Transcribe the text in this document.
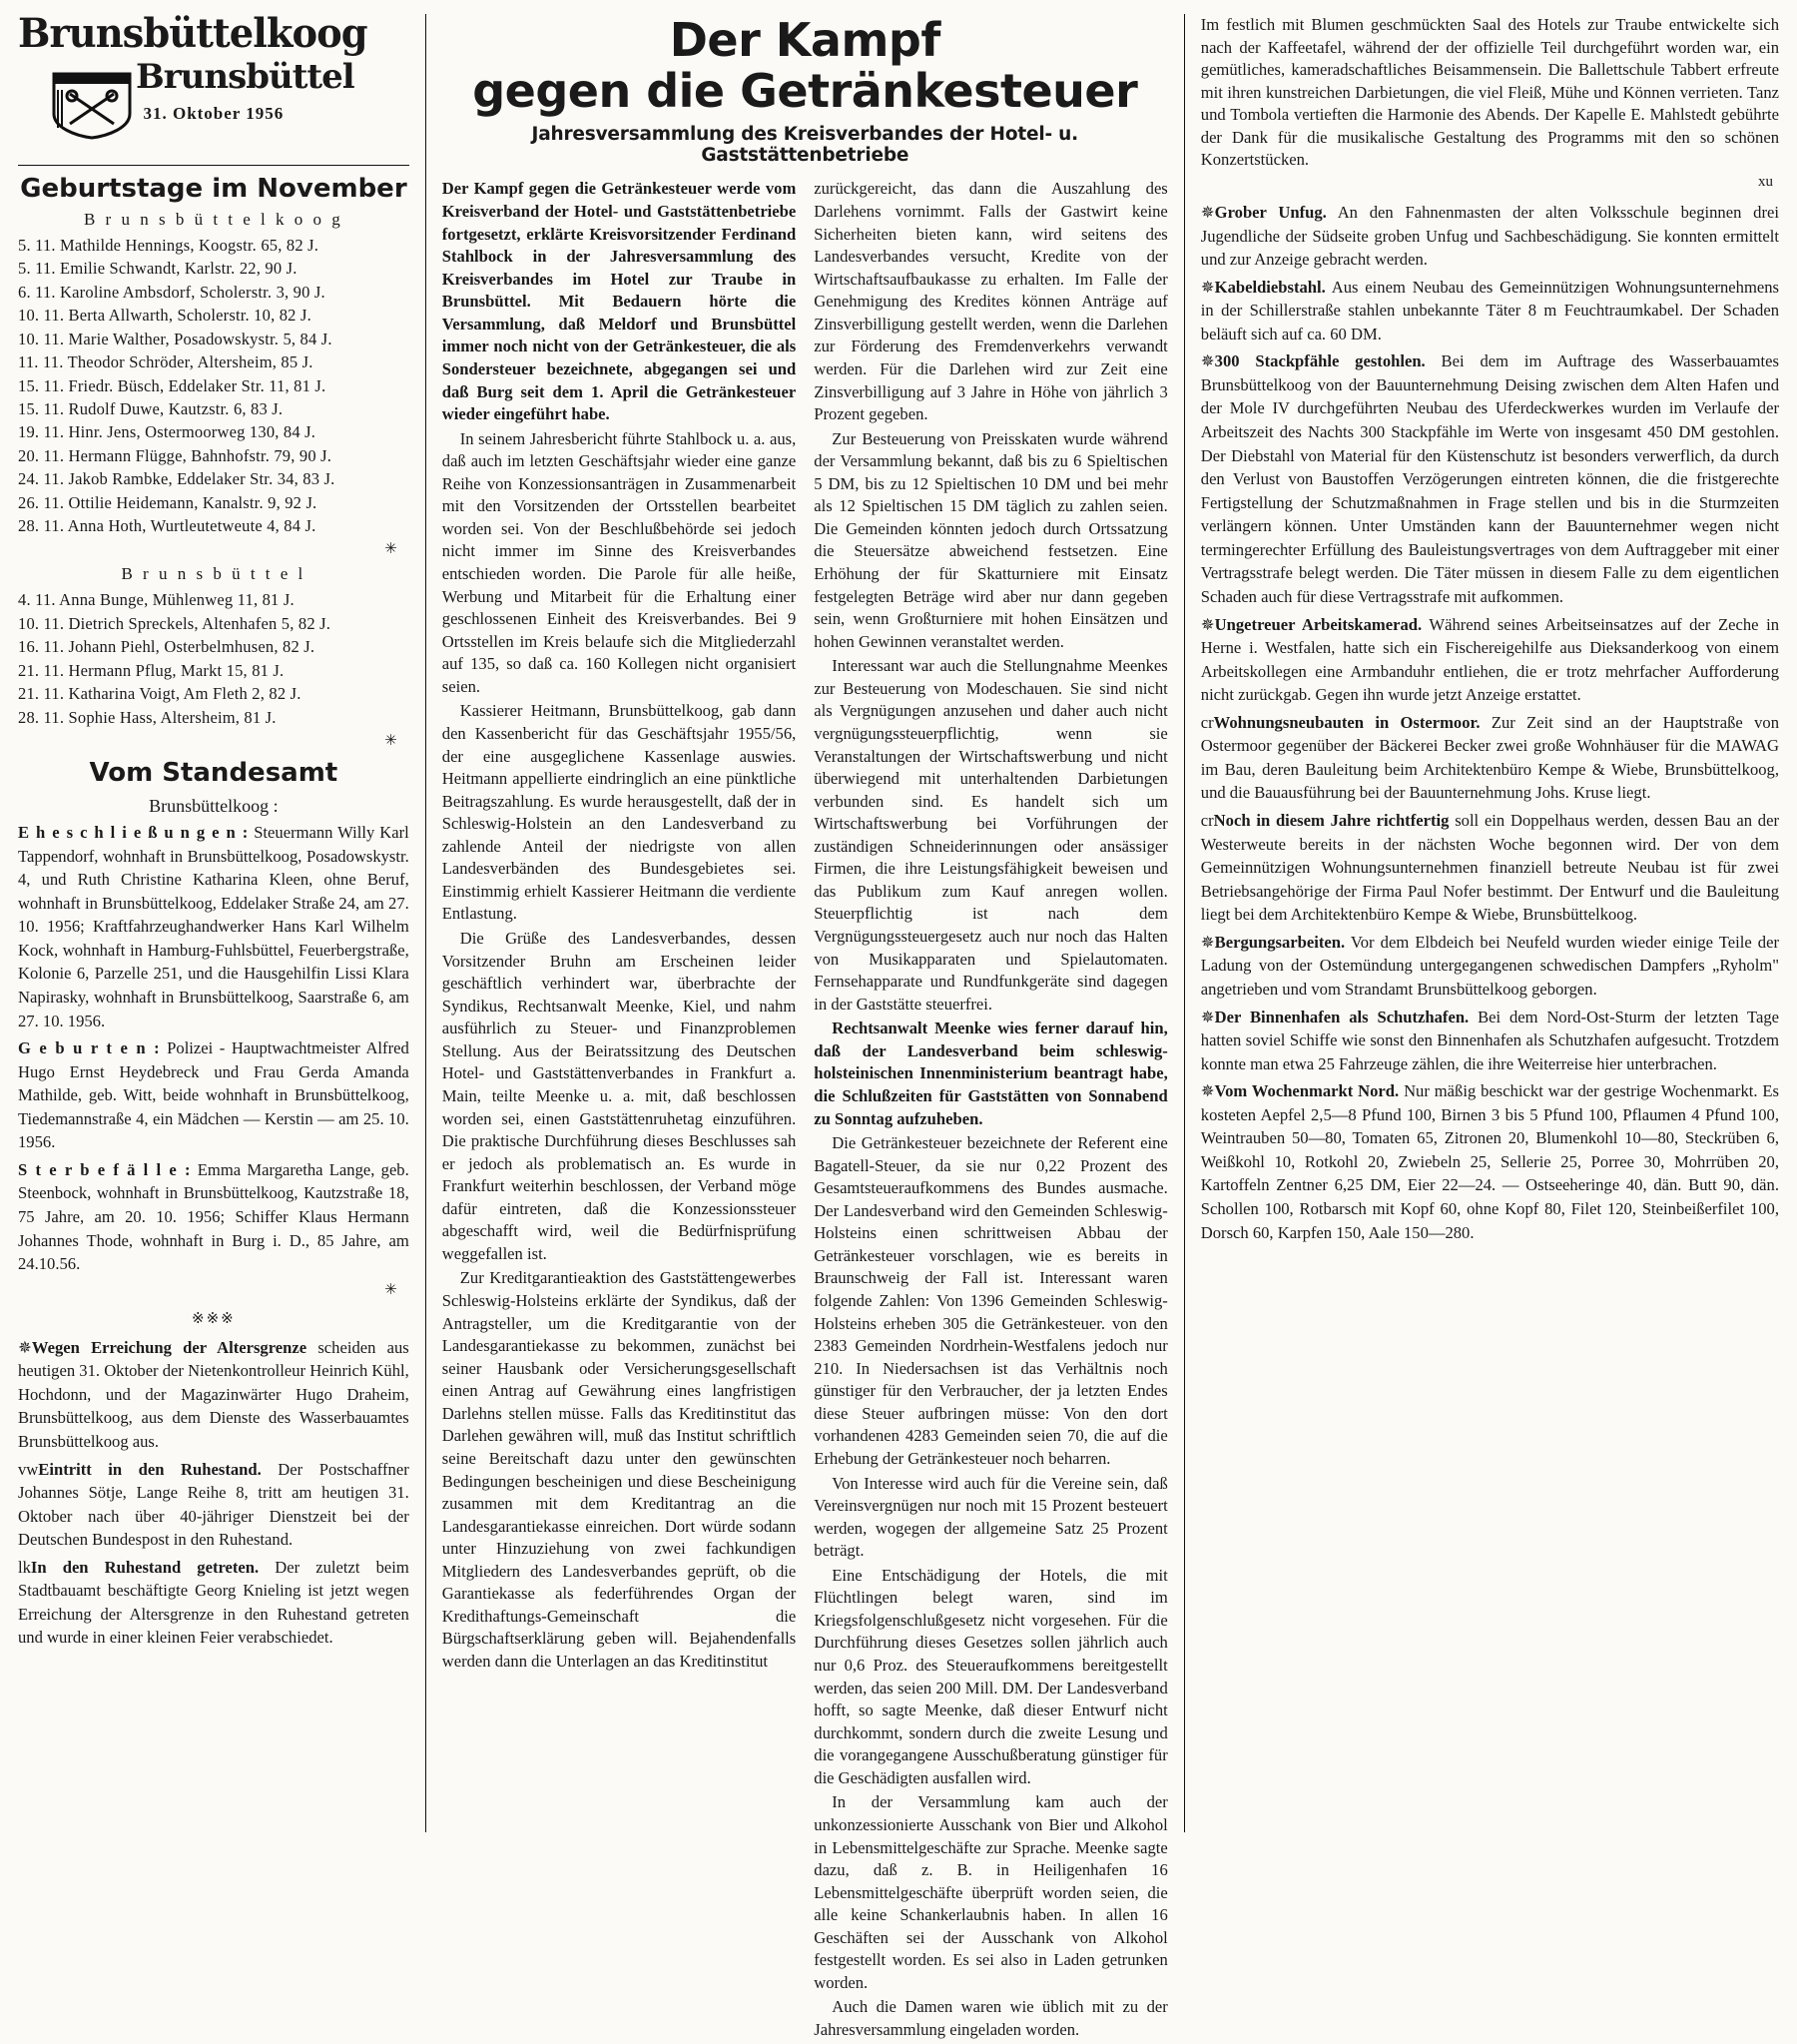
Brunsbüttelkoog
Brunsbüttel
31. Oktober 1956
Geburtstage im November
B r u n s b ü t t e l k o o g
5. 11. Mathilde Hennings, Koogstr. 65, 82 J.
5. 11. Emilie Schwandt, Karlstr. 22, 90 J.
6. 11. Karoline Ambsdorf, Scholerstr. 3, 90 J.
10. 11. Berta Allwarth, Scholerstr. 10, 82 J.
10. 11. Marie Walther, Posadowskystr. 5, 84 J.
11. 11. Theodor Schröder, Altersheim, 85 J.
15. 11. Friedr. Büsch, Eddelaker Str. 11, 81 J.
15. 11. Rudolf Duwe, Kautzstr. 6, 83 J.
19. 11. Hinr. Jens, Ostermoorweg 130, 84 J.
20. 11. Hermann Flügge, Bahnhofstr. 79, 90 J.
24. 11. Jakob Rambke, Eddelaker Str. 34, 83 J.
26. 11. Ottilie Heidemann, Kanalstr. 9, 92 J.
28. 11. Anna Hoth, Wurtleutetweute 4, 84 J.
✳
B r u n s b ü t t e l
4. 11. Anna Bunge, Mühlenweg 11, 81 J.
10. 11. Dietrich Spreckels, Altenhafen 5, 82 J.
16. 11. Johann Piehl, Osterbelmhusen, 82 J.
21. 11. Hermann Pflug, Markt 15, 81 J.
21. 11. Katharina Voigt, Am Fleth 2, 82 J.
28. 11. Sophie Hass, Altersheim, 81 J.
✳
Vom Standesamt
Brunsbüttelkoog :

E h e s c h l i e ß u n g e n : Steuermann Willy Karl Tappendorf, wohnhaft in Brunsbüttelkoog, Posadowskystr. 4, und Ruth Christine Katharina Kleen, ohne Beruf, wohnhaft in Brunsbüttelkoog, Eddelaker Straße 24, am 27. 10. 1956; Kraftfahrzeughandwerker Hans Karl Wilhelm Kock, wohnhaft in Hamburg-Fuhlsbüttel, Feuerbergstraße, Kolonie 6, Parzelle 251, und die Hausgehilfin Lissi Klara Napirasky, wohnhaft in Brunsbüttelkoog, Saarstraße 6, am 27. 10. 1956.

G e b u r t e n : Polizei - Hauptwachtmeister Alfred Hugo Ernst Heydebreck und Frau Gerda Amanda Mathilde, geb. Witt, beide wohnhaft in Brunsbüttelkoog, Tiedemannstraße 4, ein Mädchen — Kerstin — am 25. 10. 1956.

S t e r b e f ä l l e : Emma Margaretha Lange, geb. Steenbock, wohnhaft in Brunsbüttelkoog, Kautzstraße 18, 75 Jahre, am 20. 10. 1956; Schiffer Klaus Hermann Johannes Thode, wohnhaft in Burg i. D., 85 Jahre, am 24.10.56.

✳
※※※

✵Wegen Erreichung der Altersgrenze scheiden aus heutigen 31. Oktober der Nietenkontrolleur Heinrich Kühl, Hochdonn, und der Magazinwärter Hugo Draheim, Brunsbüttelkoog, aus dem Dienste des Wasserbauamtes Brunsbüttelkoog aus.

vwEintritt in den Ruhestand. Der Postschaffner Johannes Sötje, Lange Reihe 8, tritt am heutigen 31. Oktober nach über 40-jähriger Dienstzeit bei der Deutschen Bundespost in den Ruhestand.

lkIn den Ruhestand getreten. Der zuletzt beim Stadtbauamt beschäftigte Georg Knieling ist jetzt wegen Erreichung der Altersgrenze in den Ruhestand getreten und wurde in einer kleinen Feier verabschiedet.

Der Kampf
gegen die Getränkesteuer
Jahresversammlung des Kreisverbandes der Hotel- u. Gaststättenbetriebe

Der Kampf gegen die Getränkesteuer werde vom Kreisverband der Hotel- und Gaststättenbetriebe fortgesetzt, erklärte Kreisvorsitzender Ferdinand Stahlbock in der Jahresversammlung des Kreisverbandes im Hotel zur Traube in Brunsbüttel. Mit Bedauern hörte die Versammlung, daß Meldorf und Brunsbüttel immer noch nicht von der Getränkesteuer, die als Sondersteuer bezeichnete, abgegangen sei und daß Burg seit dem 1. April die Getränkesteuer wieder eingeführt habe.

In seinem Jahresbericht führte Stahlbock u. a. aus, daß auch im letzten Geschäftsjahr wieder eine ganze Reihe von Konzessionsanträgen in Zusammenarbeit mit den Vorsitzenden der Ortsstellen bearbeitet worden sei. Von der Beschlußbehörde sei jedoch nicht immer im Sinne des Kreisverbandes entschieden worden. Die Parole für alle heiße, Werbung und Mitarbeit für die Erhaltung einer geschlossenen Einheit des Kreisverbandes. Bei 9 Ortsstellen im Kreis belaufe sich die Mitgliederzahl auf 135, so daß ca. 160 Kollegen nicht organisiert seien.

Kassierer Heitmann, Brunsbüttelkoog, gab dann den Kassenbericht für das Geschäftsjahr 1955/56, der eine ausgeglichene Kassenlage auswies. Heitmann appellierte eindringlich an eine pünktliche Beitragszahlung. Es wurde herausgestellt, daß der in Schleswig-Holstein an den Landesverband zu zahlende Anteil der niedrigste von allen Landesverbänden des Bundesgebietes sei. Einstimmig erhielt Kassierer Heitmann die verdiente Entlastung.

Die Grüße des Landesverbandes, dessen Vorsitzender Bruhn am Erscheinen leider geschäftlich verhindert war, überbrachte der Syndikus, Rechtsanwalt Meenke, Kiel, und nahm ausführlich zu Steuer- und Finanzproblemen Stellung. Aus der Beiratssitzung des Deutschen Hotel- und Gaststättenverbandes in Frankfurt a. Main, teilte Meenke u. a. mit, daß beschlossen worden sei, einen Gaststättenruhetag einzuführen. Die praktische Durchführung dieses Beschlusses sah er jedoch als problematisch an. Es wurde in Frankfurt weiterhin beschlossen, der Verband möge dafür eintreten, daß die Konzessionssteuer abgeschafft wird, weil die Bedürfnisprüfung weggefallen ist.

Zur Kreditgarantieaktion des Gaststättengewerbes Schleswig-Holsteins erklärte der Syndikus, daß der Antragsteller, um die Kreditgarantie von der Landesgarantiekasse zu bekommen, zunächst bei seiner Hausbank oder Versicherungsgesellschaft einen Antrag auf Gewährung eines langfristigen Darlehns stellen müsse. Falls das Kreditinstitut das Darlehen gewähren will, muß das Institut schriftlich seine Bereitschaft dazu unter den gewünschten Bedingungen bescheinigen und diese Bescheinigung zusammen mit dem Kreditantrag an die Landesgarantiekasse einreichen. Dort würde sodann unter Hinzuziehung von zwei fachkundigen Mitgliedern des Landesverbandes geprüft, ob die Garantiekasse als federführendes Organ der Kredithaftungs-Gemeinschaft die Bürgschaftserklärung geben will. Bejahendenfalls werden dann die Unterlagen an das Kreditinstitut

zurückgereicht, das dann die Auszahlung des Darlehens vornimmt. Falls der Gastwirt keine Sicherheiten bieten kann, wird seitens des Landesverbandes versucht, Kredite von der Wirtschaftsaufbaukasse zu erhalten. Im Falle der Genehmigung des Kredites können Anträge auf Zinsverbilligung gestellt werden, wenn die Darlehen zur Förderung des Fremdenverkehrs verwandt werden. Für die Darlehen wird zur Zeit eine Zinsverbilligung auf 3 Jahre in Höhe von jährlich 3 Prozent gegeben.

Zur Besteuerung von Preisskaten wurde während der Versammlung bekannt, daß bis zu 6 Spieltischen 5 DM, bis zu 12 Spieltischen 10 DM und bei mehr als 12 Spieltischen 15 DM täglich zu zahlen seien. Die Gemeinden könnten jedoch durch Ortssatzung die Steuersätze abweichend festsetzen. Eine Erhöhung der für Skatturniere mit Einsatz festgelegten Beträge wird aber nur dann gegeben sein, wenn Großturniere mit hohen Einsätzen und hohen Gewinnen veranstaltet werden.

Interessant war auch die Stellungnahme Meenkes zur Besteuerung von Modeschauen. Sie sind nicht als Vergnügungen anzusehen und daher auch nicht vergnügungssteuerpflichtig, wenn sie Veranstaltungen der Wirtschaftswerbung und nicht überwiegend mit unterhaltenden Darbietungen verbunden sind. Es handelt sich um Wirtschaftswerbung bei Vorführungen der zuständigen Schneiderinnungen oder ansässiger Firmen, die ihre Leistungsfähigkeit beweisen und das Publikum zum Kauf anregen wollen. Steuerpflichtig ist nach dem Vergnügungssteuergesetz auch nur noch das Halten von Musikapparaten und Spielautomaten. Fernsehapparate und Rundfunkgeräte sind dagegen in der Gaststätte steuerfrei.

Rechtsanwalt Meenke wies ferner darauf hin, daß der Landesverband beim schleswig-holsteinischen Innenministerium beantragt habe, die Schlußzeiten für Gaststätten von Sonnabend zu Sonntag aufzuheben.

Die Getränkesteuer bezeichnete der Referent eine Bagatell-Steuer, da sie nur 0,22 Prozent des Gesamtsteueraufkommens des Bundes ausmache. Der Landesverband wird den Gemeinden Schleswig-Holsteins einen schrittweisen Abbau der Getränkesteuer vorschlagen, wie es bereits in Braunschweig der Fall ist. Interessant waren folgende Zahlen: Von 1396 Gemeinden Schleswig-Holsteins erheben 305 die Getränkesteuer. von den 2383 Gemeinden Nordrhein-Westfalens jedoch nur 210. In Niedersachsen ist das Verhältnis noch günstiger für den Verbraucher, der ja letzten Endes diese Steuer aufbringen müsse: Von den dort vorhandenen 4283 Gemeinden seien 70, die auf die Erhebung der Getränkesteuer noch beharren.

Von Interesse wird auch für die Vereine sein, daß Vereinsvergnügen nur noch mit 15 Prozent besteuert werden, wogegen der allgemeine Satz 25 Prozent beträgt.

Eine Entschädigung der Hotels, die mit Flüchtlingen belegt waren, sind im Kriegsfolgenschlußgesetz nicht vorgesehen. Für die Durchführung dieses Gesetzes sollen jährlich auch nur 0,6 Proz. des Steueraufkommens bereitgestellt werden, das seien 200 Mill. DM. Der Landesverband hofft, so sagte Meenke, daß dieser Entwurf nicht durchkommt, sondern durch die zweite Lesung und die vorangegangene Ausschußberatung günstiger für die Geschädigten ausfallen wird.

In der Versammlung kam auch der unkonzessionierte Ausschank von Bier und Alkohol in Lebensmittelgeschäfte zur Sprache. Meenke sagte dazu, daß z. B. in Heiligenhafen 16 Lebensmittelgeschäfte überprüft worden seien, die alle keine Schankerlaubnis haben. In allen 16 Geschäften sei der Ausschank von Alkohol festgestellt worden. Es sei also in Laden getrunken worden.

Auch die Damen waren wie üblich mit zu der Jahresversammlung eingeladen worden.

Im festlich mit Blumen geschmückten Saal des Hotels zur Traube entwickelte sich nach der Kaffeetafel, während der der offizielle Teil durchgeführt worden war, ein gemütliches, kameradschaftliches Beisammensein. Die Ballettschule Tabbert erfreute mit ihren kunstreichen Darbietungen, die viel Fleiß, Mühe und Können verrieten. Tanz und Tombola vertieften die Harmonie des Abends. Der Kapelle E. Mahlstedt gebührte der Dank für die musikalische Gestaltung des Programms mit den so schönen Konzertstücken.

xu

✵Grober Unfug. An den Fahnenmasten der alten Volksschule beginnen drei Jugendliche der Südseite groben Unfug und Sachbeschädigung. Sie konnten ermittelt und zur Anzeige gebracht werden.

✵Kabeldiebstahl. Aus einem Neubau des Gemeinnützigen Wohnungsunternehmens in der Schillerstraße stahlen unbekannte Täter 8 m Feuchtraumkabel. Der Schaden beläuft sich auf ca. 60 DM.

✵300 Stackpfähle gestohlen. Bei dem im Auftrage des Wasserbauamtes Brunsbüttelkoog von der Bauunternehmung Deising zwischen dem Alten Hafen und der Mole IV durchgeführten Neubau des Uferdeckwerkes wurden im Verlaufe der Arbeitszeit des Nachts 300 Stackpfähle im Werte von insgesamt 450 DM gestohlen. Der Diebstahl von Material für den Küstenschutz ist besonders verwerflich, da durch den Verlust von Baustoffen Verzögerungen eintreten können, die die fristgerechte Fertigstellung der Schutzmaßnahmen in Frage stellen und bis in die Sturmzeiten verlängern können. Unter Umständen kann der Bauunternehmer wegen nicht termingerechter Erfüllung des Bauleistungsvertrages von dem Auftraggeber mit einer Vertragsstrafe belegt werden. Die Täter müssen in diesem Falle zu dem eigentlichen Schaden auch für diese Vertragsstrafe mit aufkommen.

✵Ungetreuer Arbeitskamerad. Während seines Arbeitseinsatzes auf der Zeche in Herne i. Westfalen, hatte sich ein Fischereigehilfe aus Dieksanderkoog von einem Arbeitskollegen eine Armbanduhr entliehen, die er trotz mehrfacher Aufforderung nicht zurückgab. Gegen ihn wurde jetzt Anzeige erstattet.

crWohnungsneubauten in Ostermoor. Zur Zeit sind an der Hauptstraße von Ostermoor gegenüber der Bäckerei Becker zwei große Wohnhäuser für die MAWAG im Bau, deren Bauleitung beim Architektenbüro Kempe & Wiebe, Brunsbüttelkoog, und die Bauausführung bei der Bauunternehmung Johs. Kruse liegt.

crNoch in diesem Jahre richtfertig soll ein Doppelhaus werden, dessen Bau an der Westerweute bereits in der nächsten Woche begonnen wird. Der von dem Gemeinnützigen Wohnungsunternehmen finanziell betreute Neubau ist für zwei Betriebsangehörige der Firma Paul Nofer bestimmt. Der Entwurf und die Bauleitung liegt bei dem Architektenbüro Kempe & Wiebe, Brunsbüttelkoog.

✵Bergungsarbeiten. Vor dem Elbdeich bei Neufeld wurden wieder einige Teile der Ladung von der Ostemündung untergegangenen schwedischen Dampfers „Ryholm" angetrieben und vom Strandamt Brunsbüttelkoog geborgen.

✵Der Binnenhafen als Schutzhafen. Bei dem Nord-Ost-Sturm der letzten Tage hatten soviel Schiffe wie sonst den Binnenhafen als Schutzhafen aufgesucht. Trotzdem konnte man etwa 25 Fahrzeuge zählen, die ihre Weiterreise hier unterbrachen.

✵Vom Wochenmarkt Nord. Nur mäßig beschickt war der gestrige Wochenmarkt. Es kosteten Aepfel 2,5—8 Pfund 100, Birnen 3 bis 5 Pfund 100, Pflaumen 4 Pfund 100, Weintrauben 50—80, Tomaten 65, Zitronen 20, Blumenkohl 10—80, Steckrüben 6, Weißkohl 10, Rotkohl 20, Zwiebeln 25, Sellerie 25, Porree 30, Mohrrüben 20, Kartoffeln Zentner 6,25 DM, Eier 22—24. — Ostseeheringe 40, dän. Butt 90, dän. Schollen 100, Rotbarsch mit Kopf 60, ohne Kopf 80, Filet 120, Steinbeißerfilet 100, Dorsch 60, Karpfen 150, Aale 150—280.
